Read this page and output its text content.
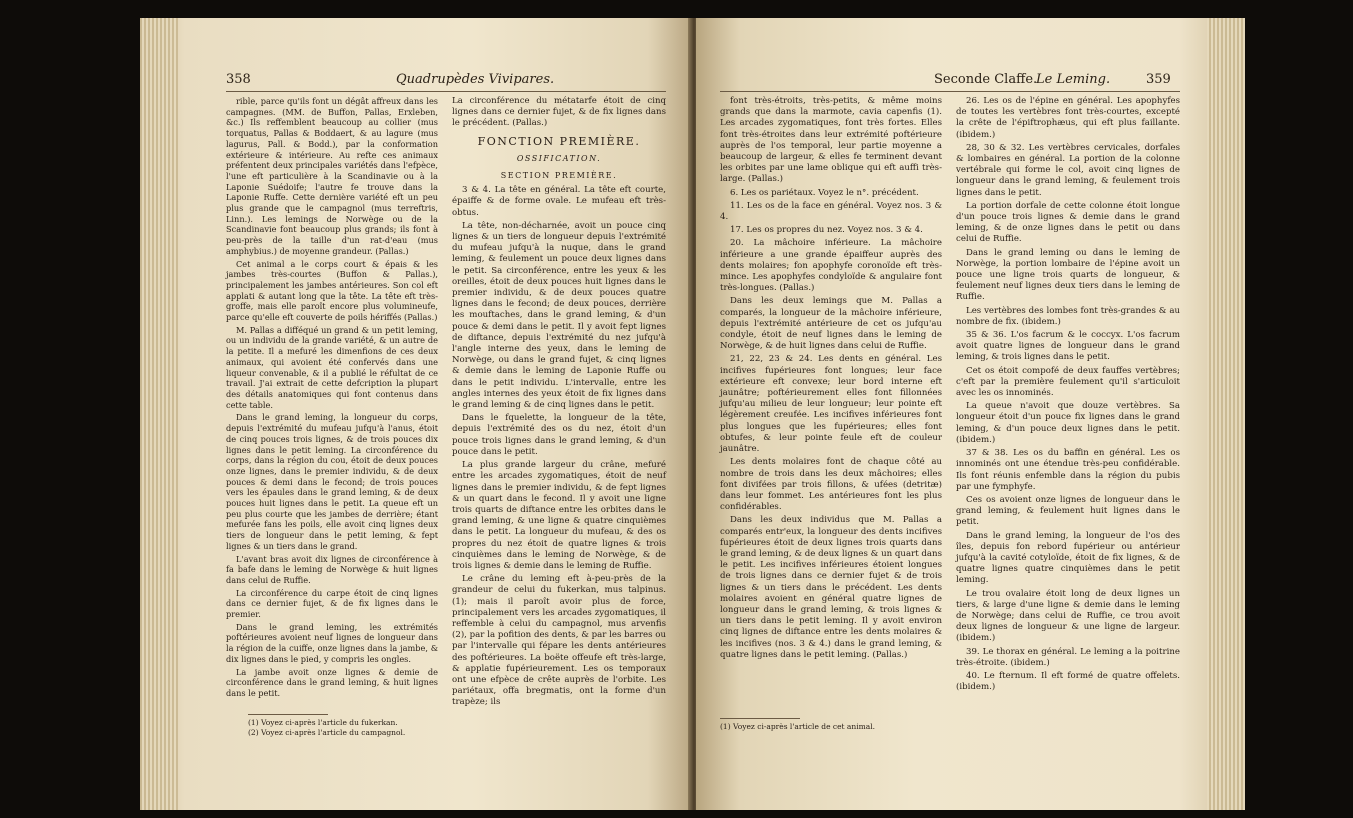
358	Quadrupèdes Vivipares.

rible, parce qu'ils font un dégât affreux dans les campagnes. (MM. de Buffon, Pallas, Erxleben, &c.) Ils reffemblent beaucoup au collier (mus torquatus, Pallas & Boddaert, & au lagure (mus lagurus, Pall. & Bodd.), par la conformation extérieure & intérieure. Au refte ces animaux préfentent deux principales variétés dans l'efpèce, l'une eft particulière à la Scandinavie ou à la Laponie Suédoife; l'autre fe trouve dans la Laponie Ruffe. Cette dernière variété eft un peu plus grande que le campagnol (mus terreftris, Linn.). Les lemings de Norwège ou de la Scandinavie font beaucoup plus grands; ils font à peu-près de la taille d'un rat-d'eau (mus amphybius.) de moyenne grandeur. (Pallas.)

Cet animal a le corps court & épais & les jambes très-courtes (Buffon & Pallas.), principalement les jambes antérieures. Son col eft applati & autant long que la tête. La tête eft très-groffe, mais elle paroît encore plus volumineufe, parce qu'elle eft couverte de poils hériffés (Pallas.)

M. Pallas a difféqué un grand & un petit leming, ou un individu de la grande variété, & un autre de la petite. Il a mefuré les dimenfions de ces deux animaux, qui avoient été confervés dans une liqueur convenable, & il a publié le réfultat de ce travail. J'ai extrait de cette defcription la plupart des détails anatomiques qui font contenus dans cette table.

Dans le grand leming, la longueur du corps, depuis l'extrémité du mufeau jufqu'à l'anus, étoit de cinq pouces trois lignes, & de trois pouces dix lignes dans le petit leming. La circonférence du corps, dans la région du cou, étoit de deux pouces onze lignes, dans le premier individu, & de deux pouces & demi dans le fecond; de trois pouces vers les épaules dans le grand leming, & de deux pouces huit lignes dans le petit. La queue eft un peu plus courte que les jambes de derrière; étant mefurée fans les poils, elle avoit cinq lignes deux tiers de longueur dans le petit leming, & fept lignes & un tiers dans le grand.

L'avant bras avoit dix lignes de circonférence à fa bafe dans le leming de Norwège & huit lignes dans celui de Ruffie.

La circonférence du carpe étoit de cinq lignes dans ce dernier fujet, & de fix lignes dans le premier.

Dans le grand leming, les extrémités poftérieures avoient neuf lignes de longueur dans la région de la cuiffe, onze lignes dans la jambe, & dix lignes dans le pied, y compris les ongles.

La jambe avoit onze lignes & demie de circonférence dans le grand leming, & huit lignes dans le petit.

La circonférence du métatarfe étoit de cinq lignes dans ce dernier fujet, & de fix lignes dans le précédent. (Pallas.)

FONCTION PREMIÈRE.

OSSIFICATION.

SECTION PREMIÈRE.

3 & 4. La tête en général. La tête eft courte, épaiffe & de forme ovale. Le mufeau eft très-obtus.

La tête, non-décharnée, avoit un pouce cinq lignes & un tiers de longueur depuis l'extrémité du mufeau jufqu'à la nuque, dans le grand leming, & feulement un pouce deux lignes dans le petit. Sa circonférence, entre les yeux & les oreilles, étoit de deux pouces huit lignes dans le premier individu, & de deux pouces quatre lignes dans le fecond; de deux pouces, derrière les mouftaches, dans le grand leming, & d'un pouce & demi dans le petit. Il y avoit fept lignes de diftance, depuis l'extrémité du nez jufqu'à l'angle interne des yeux, dans le leming de Norwège, ou dans le grand fujet, & cinq lignes & demie dans le leming de Laponie Ruffe ou dans le petit individu. L'intervalle, entre les angles internes des yeux étoit de fix lignes dans le grand leming & de cinq lignes dans le petit.

Dans le fquelette, la longueur de la tête, depuis l'extrémité des os du nez, étoit d'un pouce trois lignes dans le grand leming, & d'un pouce dans le petit.

La plus grande largeur du crâne, mefuré entre les arcades zygomatiques, étoit de neuf lignes dans le premier individu, & de fept lignes & un quart dans le fecond. Il y avoit une ligne trois quarts de diftance entre les orbites dans le grand leming, & une ligne & quatre cinquièmes dans le petit. La longueur du mufeau, & des os propres du nez étoit de quatre lignes & trois cinquièmes dans le leming de Norwège, & de trois lignes & demie dans le leming de Ruffie.

Le crâne du leming eft à-peu-près de la grandeur de celui du fukerkan, mus talpinus. (1); mais il paroît avoir plus de force, principalement vers les arcades zygomatiques, il reffemble à celui du campagnol, mus arvenfis (2), par la pofition des dents, & par les barres ou par l'intervalle qui fépare les dents antérieures des poftérieures. La boëte offeufe eft très-large, & applatie fupérieurement. Les os temporaux ont une efpèce de crête auprès de l'orbite. Les pariétaux, offa bregmatis, ont la forme d'un trapèze; ils

(1) Voyez ci-après l'article du fukerkan.
(2) Voyez ci-après l'article du campagnol.
Seconde Claffe.
Le Leming.	359

font très-étroits, très-petits, & même moins grands que dans la marmote, cavia capenfis (1). Les arcades zygomatiques, font très fortes. Elles font très-étroites dans leur extrémité poftérieure auprès de l'os temporal, leur partie moyenne a beaucoup de largeur, & elles fe terminent devant les orbites par une lame oblique qui eft auffi très-large. (Pallas.)

6. Les os pariétaux. Voyez le n°. précédent.

11. Les os de la face en général. Voyez nos. 3 & 4.

17. Les os propres du nez. Voyez nos. 3 & 4.

20. La mâchoire inférieure. La mâchoire inférieure a une grande épaiffeur auprès des dents molaires; fon apophyfe coronoïde eft très-mince. Les apophyfes condyloïde & angulaire font très-longues. (Pallas.)

Dans les deux lemings que M. Pallas a comparés, la longueur de la mâchoire inférieure, depuis l'extrémité antérieure de cet os jufqu'au condyle, étoit de neuf lignes dans le leming de Norwège, & de huit lignes dans celui de Ruffie.

21, 22, 23 & 24. Les dents en général. Les incifives fupérieures font longues; leur face extérieure eft convexe; leur bord interne eft jaunâtre; poftérieurement elles font fillonnées jufqu'au milieu de leur longueur; leur pointe eft légèrement creufée. Les incifives inférieures font plus longues que les fupérieures; elles font obtufes, & leur pointe feule eft de couleur jaunâtre.

Les dents molaires font de chaque côté au nombre de trois dans les deux mâchoires; elles font divifées par trois fillons, & ufées (detritæ) dans leur fommet. Les antérieures font les plus confidérables.

Dans les deux individus que M. Pallas a comparés entr'eux, la longueur des dents incifives fupérieures étoit de deux lignes trois quarts dans le grand leming, & de deux lignes & un quart dans le petit. Les incifives inférieures étoient longues de trois lignes dans ce dernier fujet & de trois lignes & un tiers dans le précédent. Les dents molaires avoient en général quatre lignes de longueur dans le grand leming, & trois lignes & un tiers dans le petit leming. Il y avoit environ cinq lignes de diftance entre les dents molaires & les incifives (nos. 3 & 4.) dans le grand leming, & quatre lignes dans le petit leming. (Pallas.)

26. Les os de l'épine en général. Les apophyfes de toutes les vertèbres font très-courtes, excepté la crête de l'épiftrophæus, qui eft plus faillante. (ibidem.)

28, 30 & 32. Les vertèbres cervicales, dorfales & lombaires en général. La portion de la colonne vertébrale qui forme le col, avoit cinq lignes de longueur dans le grand leming, & feulement trois lignes dans le petit.

La portion dorfale de cette colonne étoit longue d'un pouce trois lignes & demie dans le grand leming, & de onze lignes dans le petit ou dans celui de Ruffie.

Dans le grand leming ou dans le leming de Norwège, la portion lombaire de l'épine avoit un pouce une ligne trois quarts de longueur, & feulement neuf lignes deux tiers dans le leming de Ruffie.

Les vertèbres des lombes font très-grandes & au nombre de fix. (ibidem.)

35 & 36. L'os facrum & le coccyx. L'os facrum avoit quatre lignes de longueur dans le grand leming, & trois lignes dans le petit.

Cet os étoit compofé de deux fauffes vertèbres; c'eft par la première feulement qu'il s'articuloit avec les os innominés.

La queue n'avoit que douze vertèbres. Sa longueur étoit d'un pouce fix lignes dans le grand leming, & d'un pouce deux lignes dans le petit. (ibidem.)

37 & 38. Les os du baffin en général. Les os innominés ont une étendue très-peu confidérable. Ils font réunis enfemble dans la région du pubis par une fymphyfe.

Ces os avoient onze lignes de longueur dans le grand leming, & feulement huit lignes dans le petit.

Dans le grand leming, la longueur de l'os des îles, depuis fon rebord fupérieur ou antérieur jufqu'à la cavité cotyloïde, étoit de fix lignes, & de quatre lignes quatre cinquièmes dans le petit leming.

Le trou ovalaire étoit long de deux lignes un tiers, & large d'une ligne & demie dans le leming de Norwège; dans celui de Ruffie, ce trou avoit deux lignes de longueur & une ligne de largeur. (ibidem.)

39. Le thorax en général. Le leming a la poitrine très-étroite. (ibidem.)

40. Le fternum. Il eft formé de quatre offelets. (ibidem.)

(1) Voyez ci-après l'article de cet animal.
